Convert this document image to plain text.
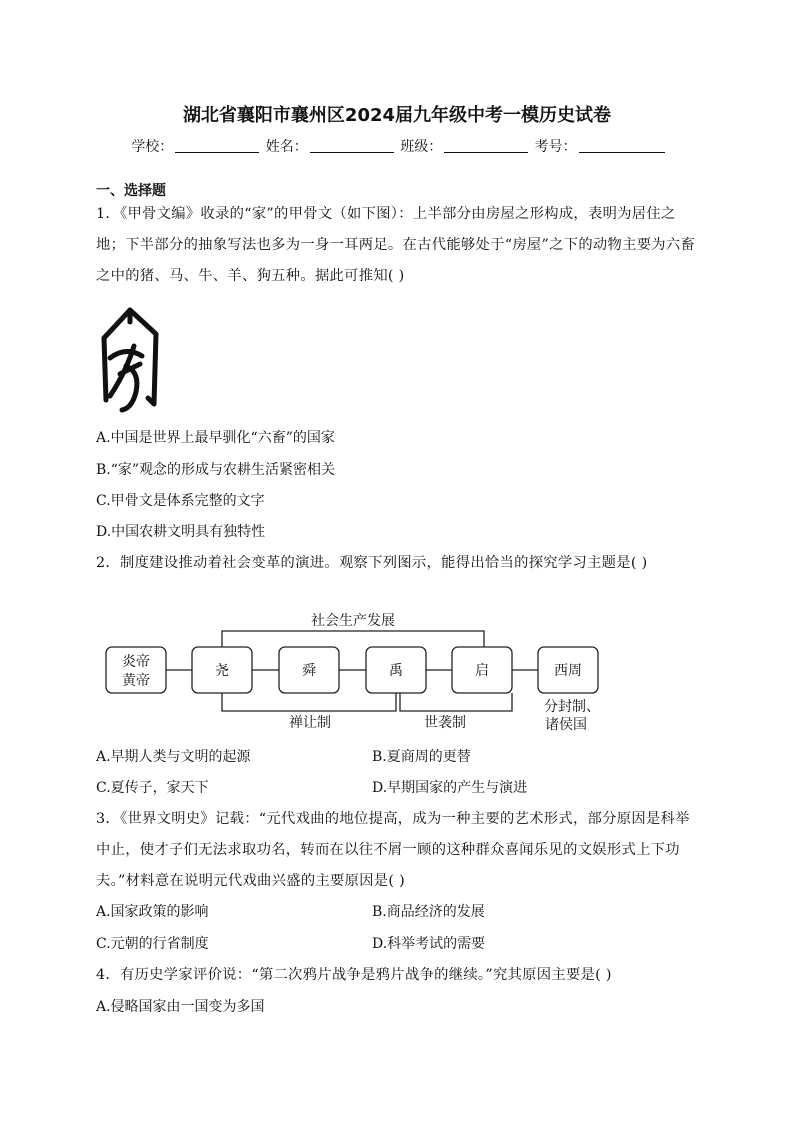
湖北省襄阳市襄州区2024届九年级中考一模历史试卷
学校：	姓名：	班级：	考号：
一、选择题
1．《甲骨文编》收录的“家”的甲骨文（如下图）：上半部分由房屋之形构成，表明为居住之地；下半部分的抽象写法也多为一身一耳两足。在古代能够处于“房屋”之下的动物主要为六畜之中的猪、马、牛、羊、狗五种。据此可推知( )
A.中国是世界上最早驯化“六畜”的国家
B.“家”观念的形成与农耕生活紧密相关
C.甲骨文是体系完整的文字
D.中国农耕文明具有独特性
2．制度建设推动着社会变革的演进。观察下列图示，能得出恰当的探究学习主题是( )
社会生产发展
炎帝
黄帝
尧	舜	禹	启	西周
禅让制	世袭制
分封制、
诸侯国
A.早期人类与文明的起源	B.夏商周的更替
C.夏传子，家天下	D.早期国家的产生与演进
3．《世界文明史》记载：“元代戏曲的地位提高，成为一种主要的艺术形式，部分原因是科举中止，使才子们无法求取功名，转而在以往不屑一顾的这种群众喜闻乐见的文娱形式上下功夫。”材料意在说明元代戏曲兴盛的主要原因是( )
A.国家政策的影响	B.商品经济的发展
C.元朝的行省制度	D.科举考试的需要
4．有历史学家评价说：“第二次鸦片战争是鸦片战争的继续。”究其原因主要是( )
A.侵略国家由一国变为多国
